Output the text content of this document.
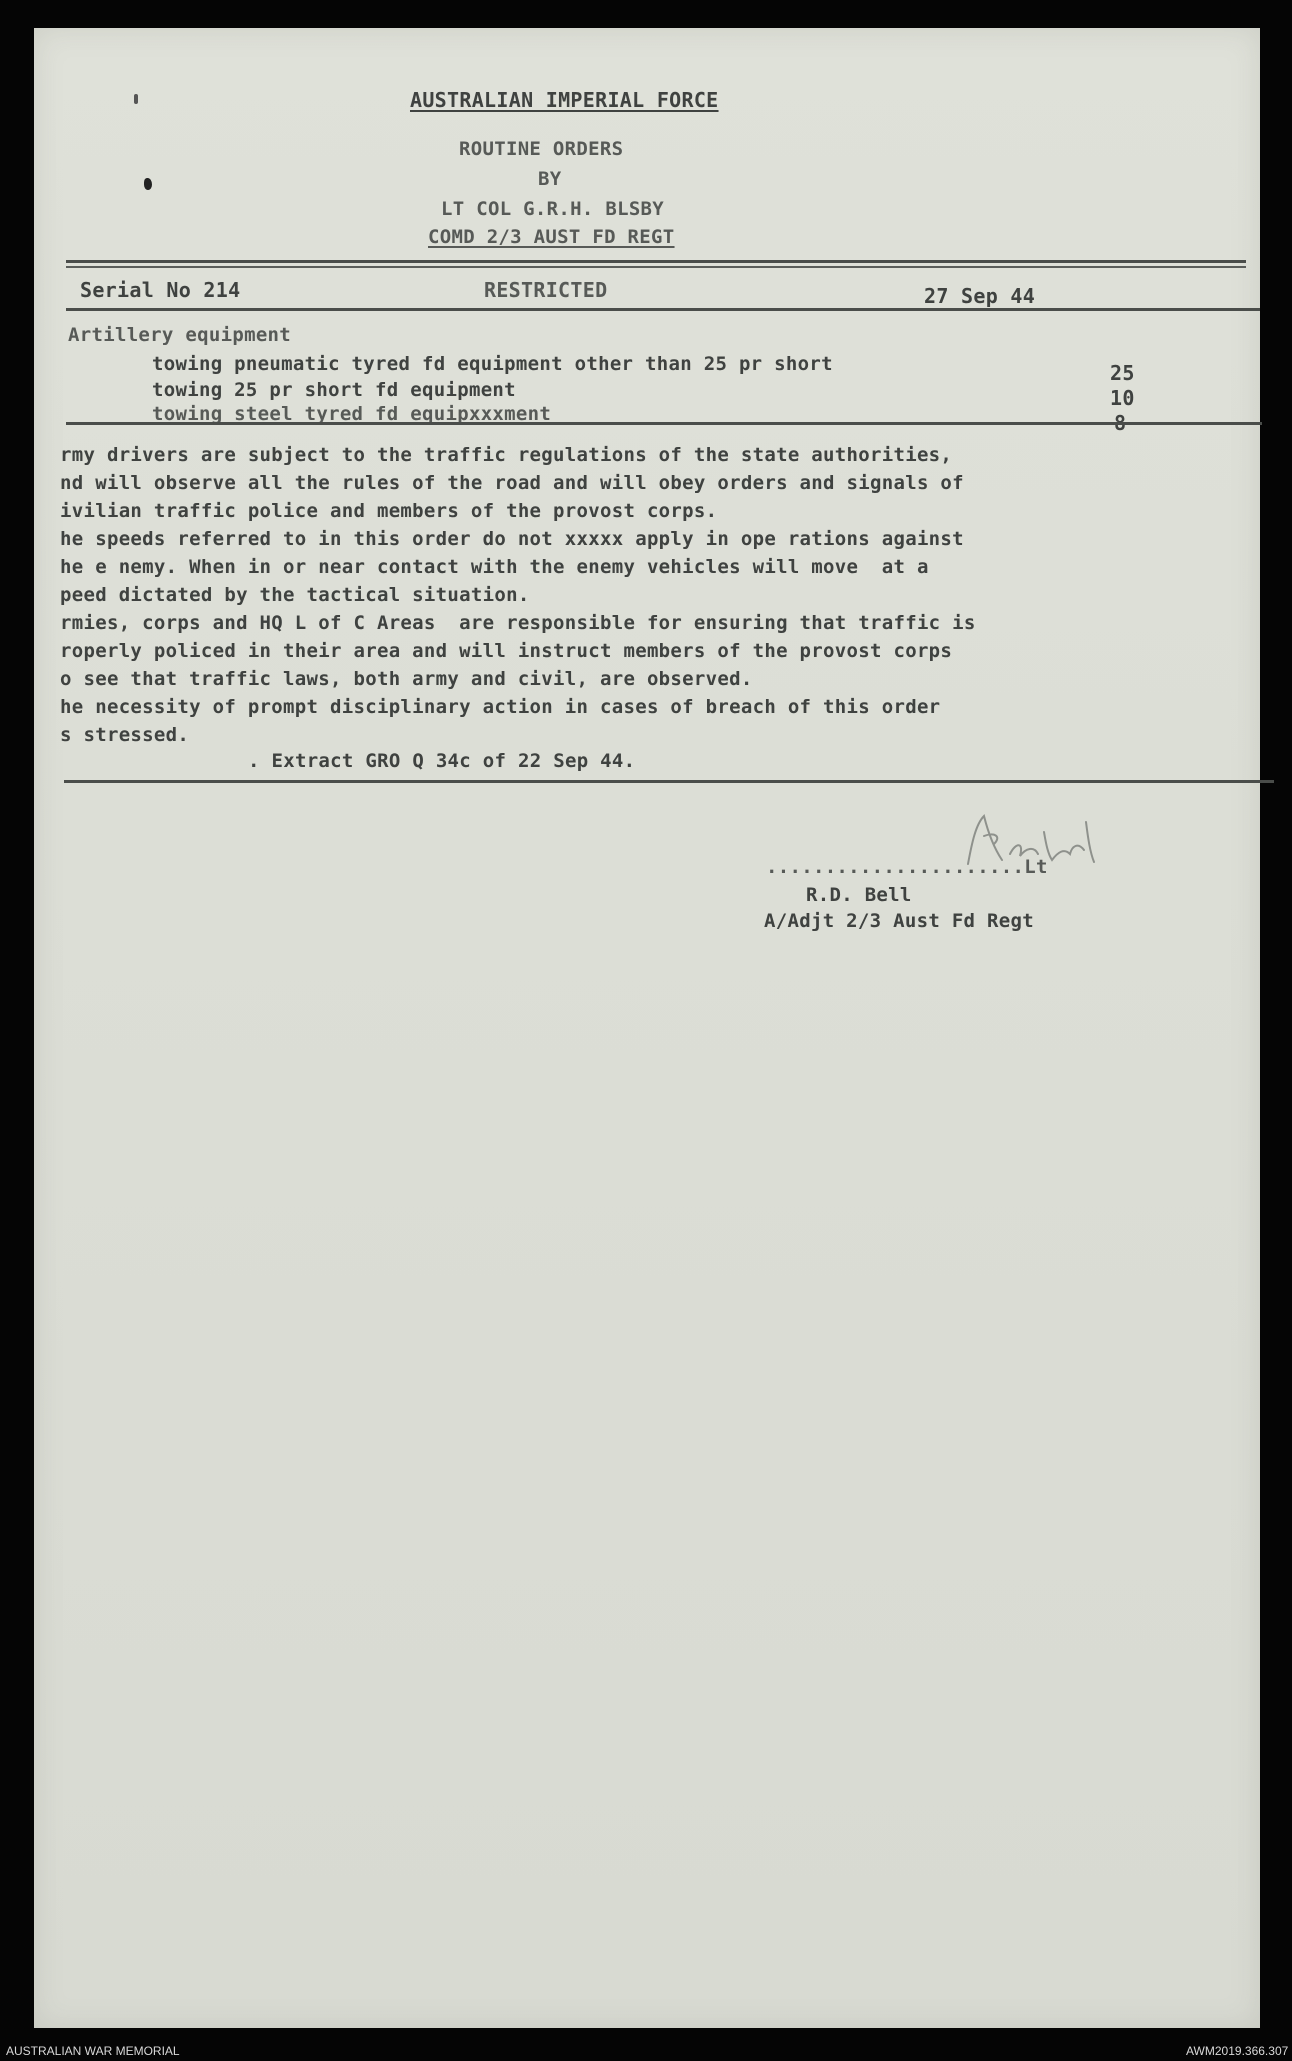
AUSTRALIAN IMPERIAL FORCE
ROUTINE ORDERS
BY
LT COL G.R.H. BLSBY
COMD 2/3 AUST FD REGT
Serial No 214	RESTRICTED	27 Sep 44
Artillery equipment
towing pneumatic tyred fd equipment other than 25 pr short	25
towing 25 pr short fd equipment	10
towing steel tyred fd equipxxxment	8
rmy drivers are subject to the traffic regulations of the state authorities,
nd will observe all the rules of the road and will obey orders and signals of
ivilian traffic police and members of the provost corps.
he speeds referred to in this order do not xxxxx apply in ope rations against
he e nemy. When in or near contact with the enemy vehicles will move  at a
peed dictated by the tactical situation.
rmies, corps and HQ L of C Areas  are responsible for ensuring that traffic is
roperly policed in their area and will instruct members of the provost corps
o see that traffic laws, both army and civil, are observed.
he necessity of prompt disciplinary action in cases of breach of this order
s stressed.
. Extract GRO Q 34c of 22 Sep 44.
......................Lt
R.D. Bell
A/Adjt 2/3 Aust Fd Regt
AUSTRALIAN WAR MEMORIAL	AWM2019.366.307
